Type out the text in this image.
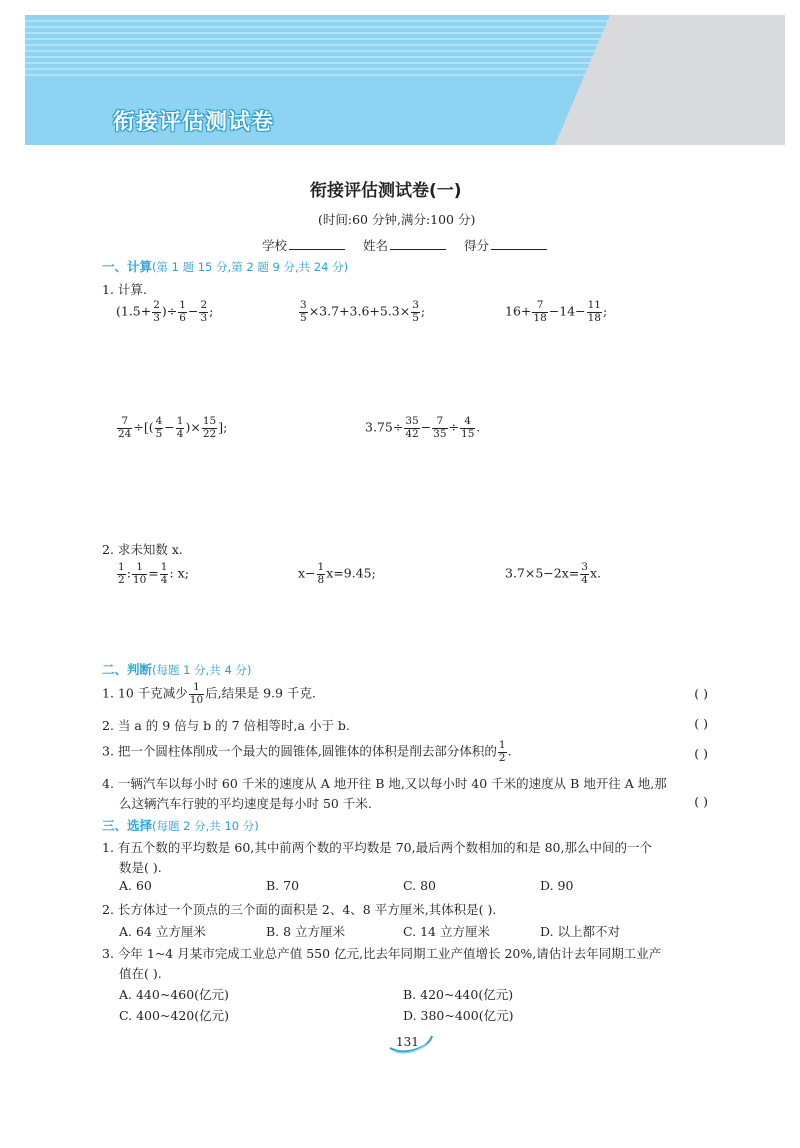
衔接评估测试卷
衔接评估测试卷(一)
(时间:60 分钟,满分:100 分)
学校	姓名	得分
一、计算(第 1 题 15 分,第 2 题 9 分,共 24 分)
1. 计算.
($1.5+ \frac{2}{3}$ )÷ $\frac{1}{6} - \frac{2}{3}$ ;	$\frac{3}{5} \times 3.7+3.6+5.3\times \frac{3}{5}$ ;	$16+ \frac{7}{18} -14- \frac{11}{18}$ ;
$\frac{7}{24}$ ÷[( $\frac{4}{5} - \frac{1}{4}$ )× $\frac{15}{22}$ ];	$3.75\div \frac{35}{42} - \frac{7}{35} \div \frac{4}{15}$ .
2. 求未知数 x.
$\frac{1}{2}$ : $\frac{1}{10} = \frac{1}{4}$ : x;	$x- \frac{1}{8} x=9.45$;	$3.7\times 5-2x= \frac{3}{4} x$.
二、判断(每题 1 分,共 4 分)
1. 10 千克减少 $\frac{1}{10}$ 后,结果是 9.9 千克.	( )
2. 当 a 的 9 倍与 b 的 7 倍相等时,a 小于 b.	( )
3. 把一个圆柱体削成一个最大的圆锥体,圆锥体的体积是削去部分体积的 $\frac{1}{2}$ .	( )
4. 一辆汽车以每小时 60 千米的速度从 A 地开往 B 地,又以每小时 40 千米的速度从 B 地开往 A 地,那
么这辆汽车行驶的平均速度是每小时 50 千米.	( )
三、选择(每题 2 分,共 10 分)
1. 有五个数的平均数是 60,其中前两个数的平均数是 70,最后两个数相加的和是 80,那么中间的一个
数是( ).
A. 60	B. 70	C. 80	D. 90
2. 长方体过一个顶点的三个面的面积是 2、4、8 平方厘米,其体积是( ).
A. 64 立方厘米	B. 8 立方厘米	C. 14 立方厘米	D. 以上都不对
3. 今年 1~4 月某市完成工业总产值 550 亿元,比去年同期工业产值增长 20%,请估计去年同期工业产
值在( ).
A. 440~460(亿元)	B. 420~440(亿元)
C. 400~420(亿元)	D. 380~400(亿元)
131
